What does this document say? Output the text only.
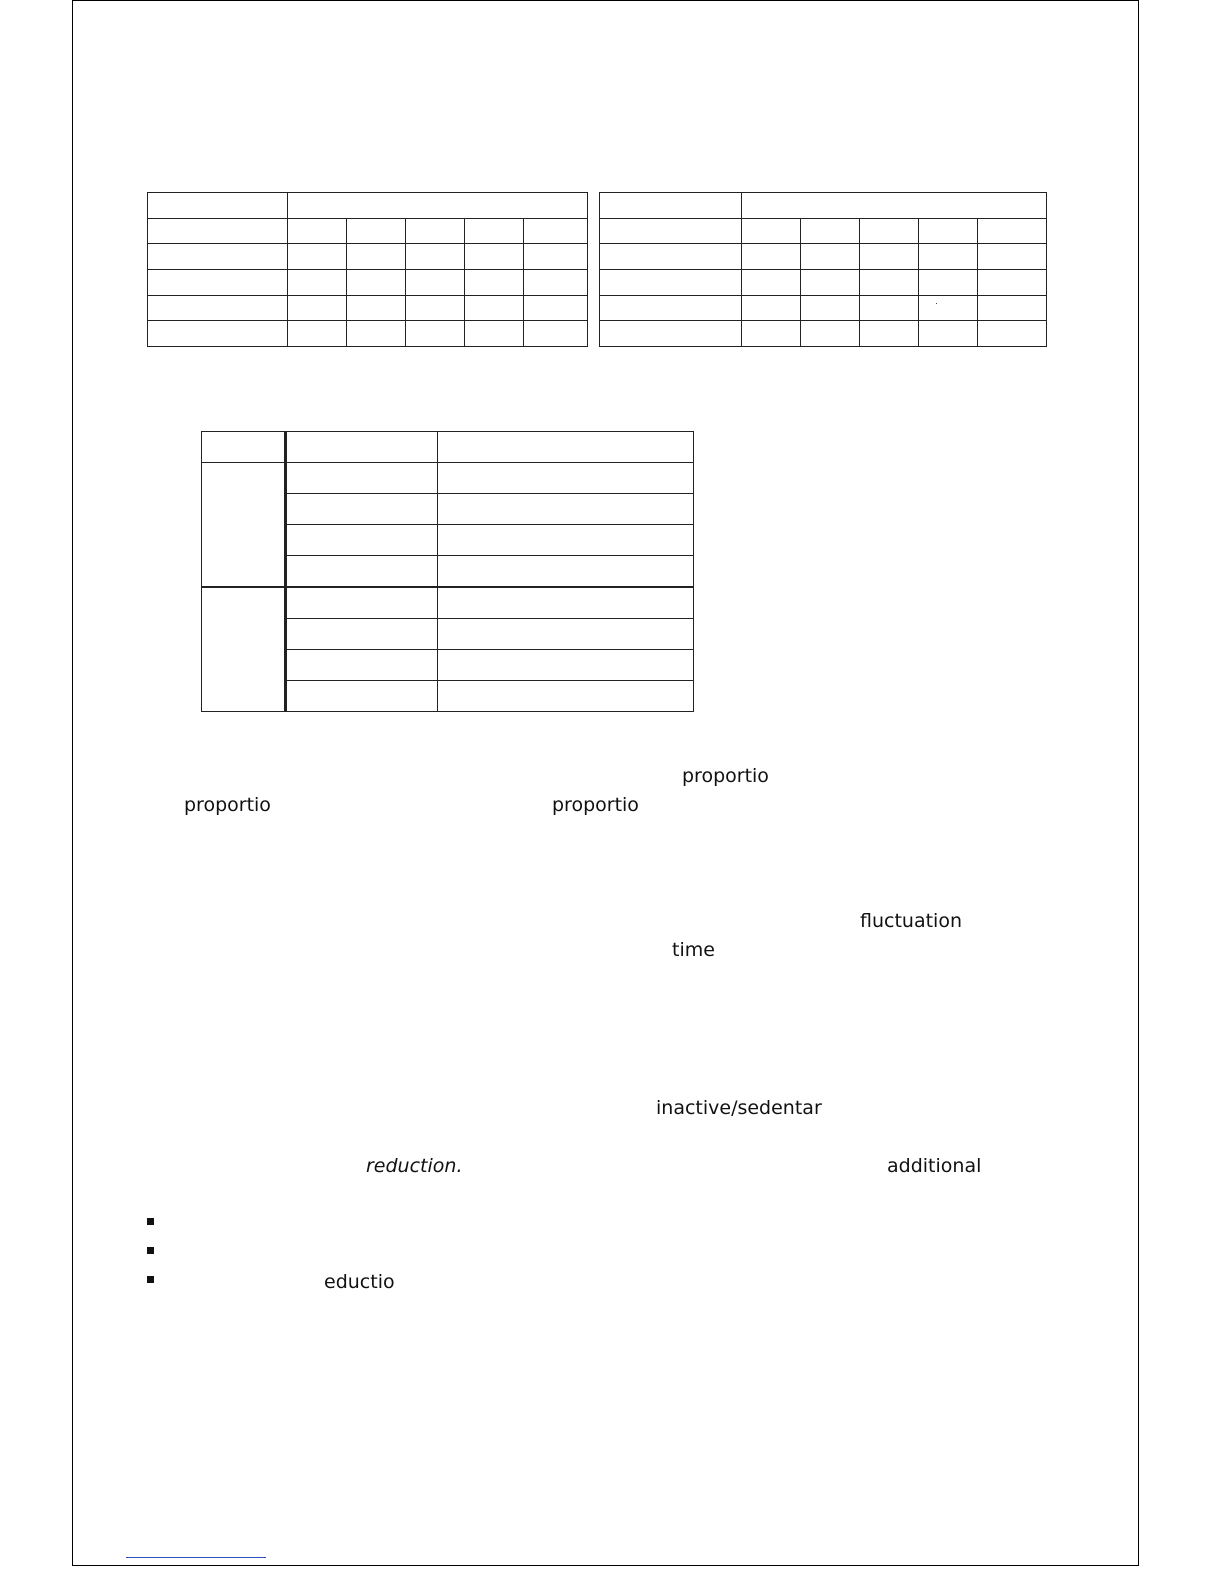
proportio
proportio	proportio
fluctuation
time
inactive/sedentar
reduction.	additional
eductio
